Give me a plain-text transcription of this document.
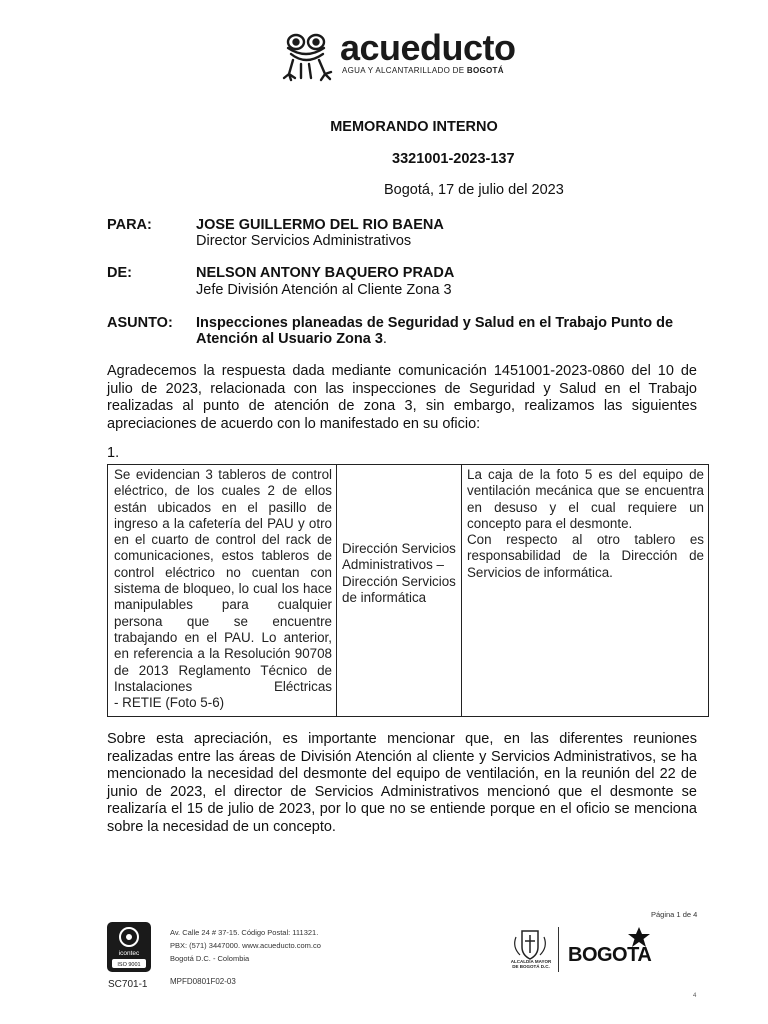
acueducto
AGUA Y ALCANTARILLADO DE BOGOTÁ
MEMORANDO INTERNO
3321001-2023-137
Bogotá, 17 de julio del 2023
PARA:	JOSE GUILLERMO DEL RIO BAENA
Director Servicios Administrativos
DE:	NELSON ANTONY BAQUERO PRADA
Jefe División Atención al Cliente Zona 3
ASUNTO: Inspecciones planeadas de Seguridad y Salud en el Trabajo Punto de
Atención al Usuario Zona 3.
Agradecemos la respuesta dada mediante comunicación 1451001-2023-0860 del 10 de julio de 2023, relacionada con las inspecciones de Seguridad y Salud en el Trabajo realizadas al punto de atención de zona 3, sin embargo, realizamos las siguientes apreciaciones de acuerdo con lo manifestado en su oficio:
1.
Se evidencian 3 tableros de control eléctrico, de los cuales 2 de ellos están ubicados en el pasillo de ingreso a la cafetería del PAU y otro en el cuarto de control del rack de comunicaciones, estos tableros de control eléctrico no cuentan con sistema de bloqueo, lo cual los hace manipulables para cualquier persona que se encuentre trabajando en el PAU. Lo anterior, en referencia a la Resolución 90708 de 2013 Reglamento Técnico de Instalaciones Eléctricas
- RETIE (Foto 5-6)
Dirección Servicios Administrativos – Dirección Servicios de informática
La caja de la foto 5 es del equipo de ventilación mecánica que se encuentra en desuso y el cual requiere un concepto para el desmonte.
Con respecto al otro tablero es responsabilidad de la Dirección de Servicios de informática.
Sobre esta apreciación, es importante mencionar que, en las diferentes reuniones realizadas entre las áreas de División Atención al cliente y Servicios Administrativos, se ha mencionado la necesidad del desmonte del equipo de ventilación, en la reunión del 22 de junio de 2023, el director de Servicios Administrativos mencionó que el desmonte se realizaría el 15 de julio de 2023, por lo que no se entiende porque en el oficio se menciona sobre la necesidad de un concepto.
Página 1 de 4
icontec
ISO 9001
SC701-1
Av. Calle 24 # 37-15. Código Postal: 111321.
PBX: (571) 3447000. www.acueducto.com.co
Bogotá D.C. - Colombia
MPFD0801F02-03
ALCALDÍA MAYOR
DE BOGOTÁ D.C.
BOGOTA
4
